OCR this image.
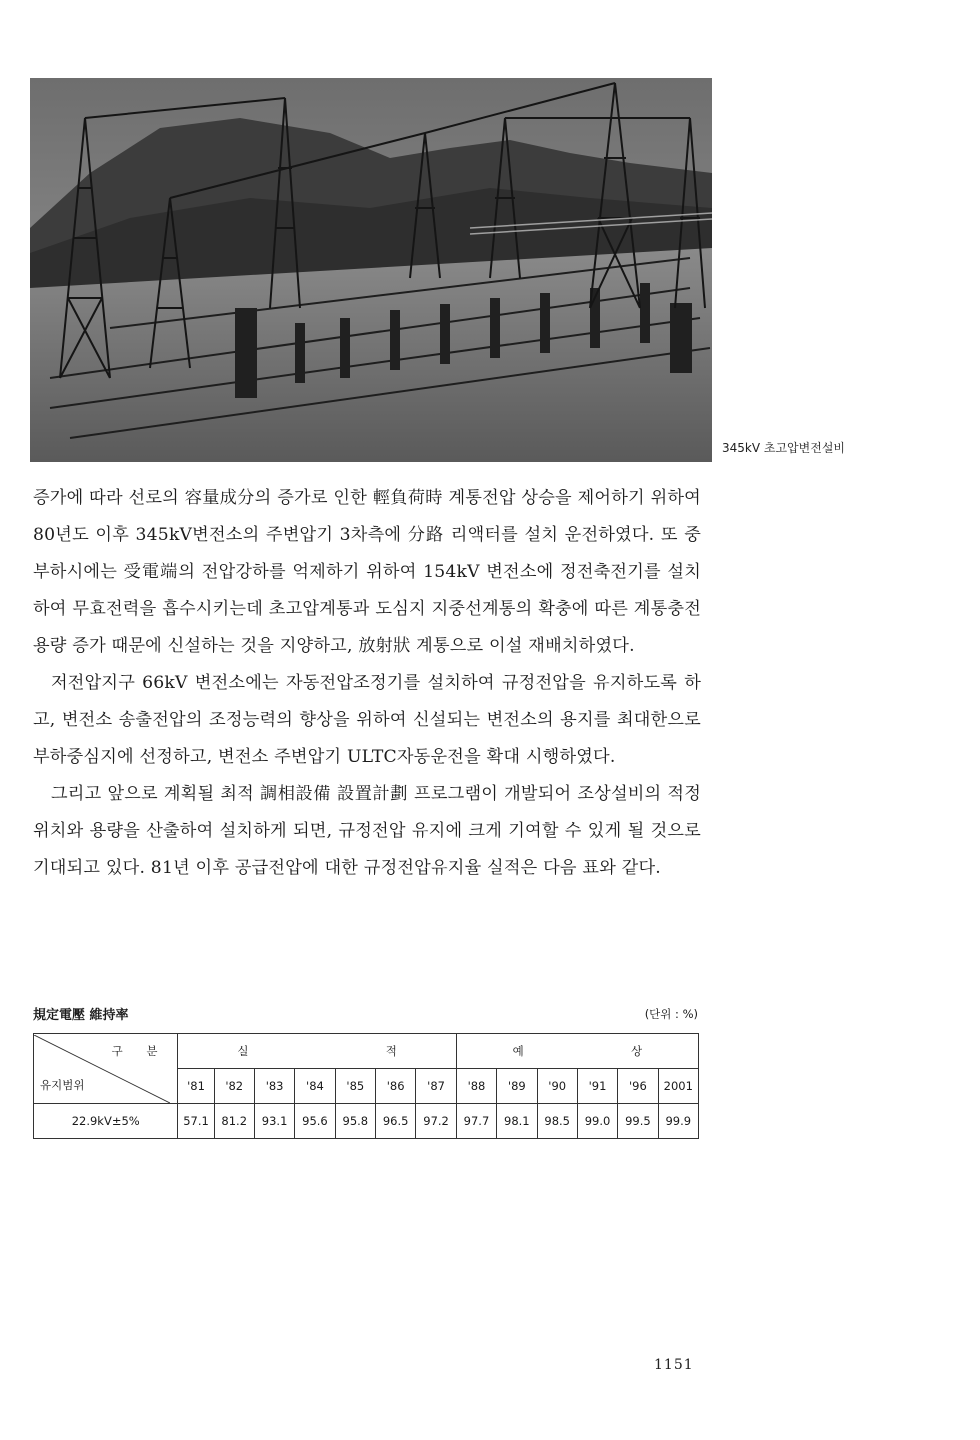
345kV 초고압변전설비

증가에 따라 선로의 容量成分의 증가로 인한 輕負荷時 계통전압 상승을 제어하기 위하여 80년도 이후 345kV변전소의 주변압기 3차측에 分路 리액터를 설치 운전하였다. 또 중부하시에는 受電端의 전압강하를 억제하기 위하여 154kV 변전소에 정전축전기를 설치하여 무효전력을 흡수시키는데 초고압계통과 도심지 지중선계통의 확충에 따른 계통충전용량 증가 때문에 신설하는 것을 지양하고, 放射狀 계통으로 이설 재배치하였다.

저전압지구 66kV 변전소에는 자동전압조정기를 설치하여 규정전압을 유지하도록 하고, 변전소 송출전압의 조정능력의 향상을 위하여 신설되는 변전소의 용지를 최대한으로 부하중심지에 선정하고, 변전소 주변압기 ULTC자동운전을 확대 시행하였다.

그리고 앞으로 계획될 최적 調相設備 設置計劃 프로그램이 개발되어 조상설비의 적정위치와 용량을 산출하여 설치하게 되면, 규정전압 유지에 크게 기여할 수 있게 될 것으로 기대되고 있다. 81년 이후 공급전압에 대한 규정전압유지율 실적은 다음 표와 같다.

規定電壓 維持率	(단위 : %)
구 분
유지범위	실 적							예 상					
	'81	'82	'83	'84	'85	'86	'87	'88	'89	'90	'91	'96	2001
22.9kV±5%	57.1	81.2	93.1	95.6	95.8	96.5	97.2	97.7	98.1	98.5	99.0	99.5	99.9
1151
